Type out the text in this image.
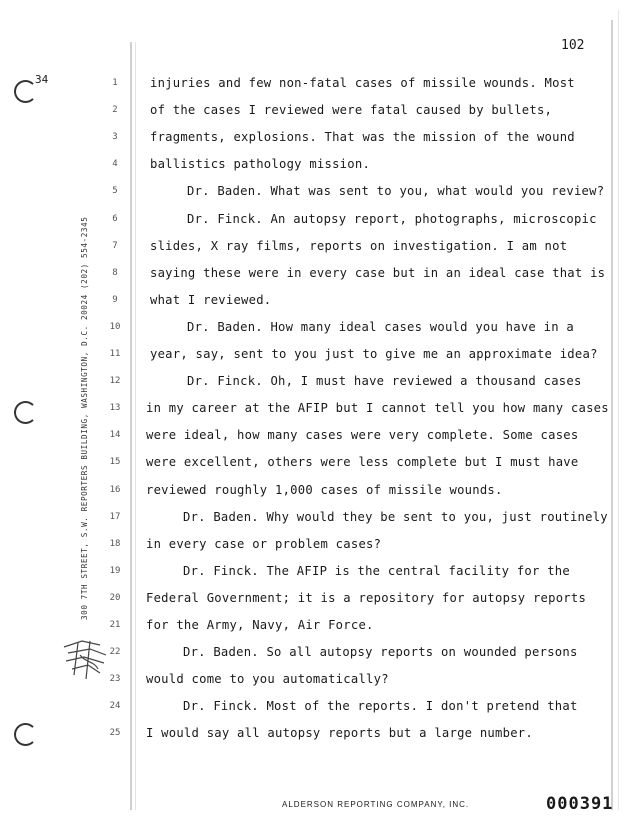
34
102
300 7TH STREET, S.W. REPORTERS BUILDING, WASHINGTON, D.C. 20024 (202) 554-2345
1	injuries and few non-fatal cases of missile wounds. Most
2	of the cases I reviewed were fatal caused by bullets,
3	fragments, explosions. That was the mission of the wound
4	ballistics pathology mission.
5	Dr. Baden. What was sent to you, what would you review?
6	Dr. Finck. An autopsy report, photographs, microscopic
7	slides, X ray films, reports on investigation. I am not
8	saying these were in every case but in an ideal case that is
9	what I reviewed.
10	Dr. Baden. How many ideal cases would you have in a
11 year, say, sent to you just to give me an approximate idea?
12	Dr. Finck. Oh, I must have reviewed a thousand cases
13 in my career at the AFIP but I cannot tell you how many cases
14 were ideal, how many cases were very complete. Some cases
15 were excellent, others were less complete but I must have
16 reviewed roughly 1,000 cases of missile wounds.
17	Dr. Baden. Why would they be sent to you, just routinely
18 in every case or problem cases?
19	Dr. Finck. The AFIP is the central facility for the
20 Federal Government; it is a repository for autopsy reports
21 for the Army, Navy, Air Force.
22	Dr. Baden. So all autopsy reports on wounded persons
23 would come to you automatically?
24	Dr. Finck. Most of the reports. I don't pretend that
25 I would say all autopsy reports but a large number.
ALDERSON REPORTING COMPANY, INC.	000391
